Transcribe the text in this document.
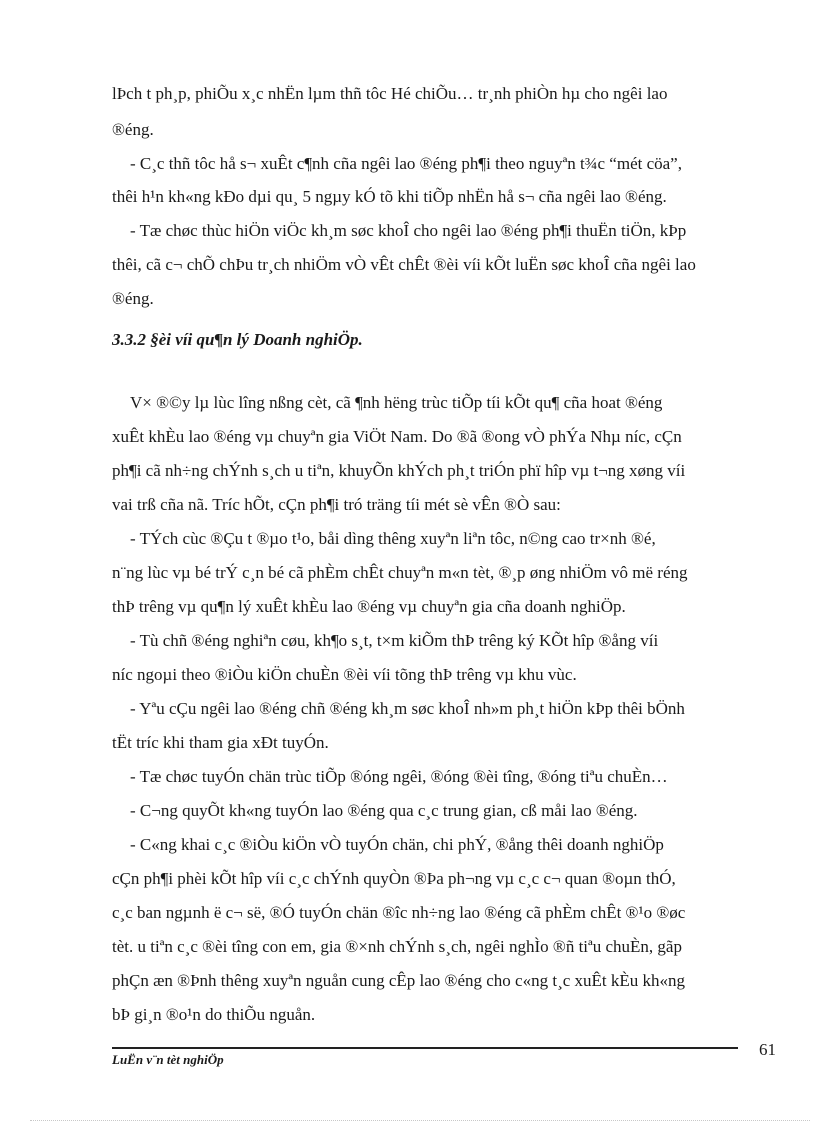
lÞch t ph¸p, phiÕu x¸c nhËn lµm thñ tôc Hé chiÕu… tr¸nh phiÒn hµ cho ngêi lao
®éng.
- C¸c thñ tôc hå s¬ xuÊt c¶nh cña ngêi lao ®éng ph¶i theo nguyªn t¾c “mét cöa”,
thêi h¹n kh«ng kÐo dµi qu¸ 5 ngµy kÓ tõ khi tiÕp nhËn hå s¬ cña ngêi lao ®éng.
- Tæ chøc thùc hiÖn viÖc kh¸m søc khoÎ cho ngêi lao ®éng ph¶i thuËn tiÖn, kÞp
thêi, cã c¬ chÕ chÞu tr¸ch nhiÖm vÒ vÊt chÊt ®èi víi kÕt luËn søc khoÎ cña ngêi lao
®éng.
3.3.2 §èi víi qu¶n lý Doanh nghiÖp.
V× ®©y lµ lùc lîng nßng cèt, cã ¶nh hëng trùc tiÕp tíi kÕt qu¶ cña hoat ®éng
xuÊt khÈu lao ®éng vµ chuyªn gia ViÖt Nam. Do ®ã ®ong vÒ phÝa Nhµ níc, cÇn
ph¶i cã nh÷ng chÝnh s¸ch u tiªn, khuyÕn khÝch ph¸t triÓn phï hîp vµ t¬ng xøng víi
vai trß cña nã. Tríc hÕt, cÇn ph¶i tró träng tíi mét sè vÊn ®Ò sau:
- TÝch cùc ®Çu t ®µo t¹o, båi dìng thêng xuyªn liªn tôc, n©ng cao tr×nh ®é,
n¨ng lùc vµ bé trÝ c¸n bé cã phÈm chÊt chuyªn m«n tèt, ®¸p øng nhiÖm vô më réng
thÞ trêng vµ qu¶n lý xuÊt khÈu lao ®éng vµ chuyªn gia cña doanh nghiÖp.
- Tù chñ ®éng nghiªn cøu, kh¶o s¸t, t×m kiÕm thÞ trêng ký KÕt hîp ®ång víi
níc ngoµi theo ®iÒu kiÖn chuÈn ®èi víi tõng thÞ trêng vµ khu vùc.
- Yªu cÇu ngêi lao ®éng chñ ®éng kh¸m søc khoÎ nh»m ph¸t hiÖn kÞp thêi bÖnh
tËt tríc khi tham gia xÐt tuyÓn.
- Tæ chøc tuyÓn chän trùc tiÕp ®óng ngêi, ®óng ®èi tîng, ®óng tiªu chuÈn…
- C¬ng quyÕt kh«ng tuyÓn lao ®éng qua c¸c trung gian, cß måi lao ®éng.
- C«ng khai c¸c ®iÒu kiÖn vÒ tuyÓn chän, chi phÝ, ®ång thêi doanh nghiÖp
cÇn ph¶i phèi kÕt hîp víi c¸c chÝnh quyÒn ®Þa ph¬ng vµ c¸c c¬ quan ®oµn thÓ,
c¸c ban ngµnh ë c¬ së, ®Ó tuyÓn chän ®îc nh÷ng lao ®éng cã phÈm chÊt ®¹o ®øc
tèt. u tiªn c¸c ®èi tîng con em, gia ®×nh chÝnh s¸ch, ngêi nghÌo ®ñ tiªu chuÈn, gãp
phÇn æn ®Þnh thêng xuyªn nguån cung cÊp lao ®éng cho c«ng t¸c xuÊt kÈu kh«ng
bÞ gi¸n ®o¹n do thiÕu nguån.
LuËn v¨n tèt nghiÖp
61
